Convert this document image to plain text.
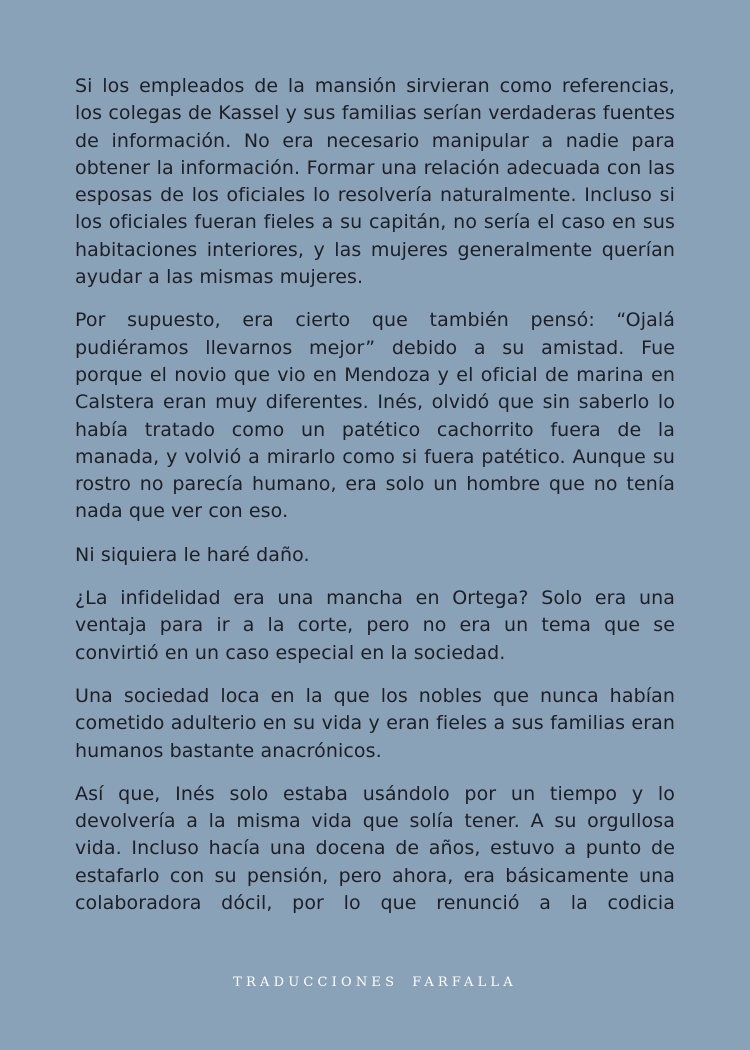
Si los empleados de la mansión sirvieran como referencias, los colegas de Kassel y sus familias serían verdaderas fuentes de información. No era necesario manipular a nadie para obtener la información. Formar una relación adecuada con las esposas de los oficiales lo resolvería naturalmente. Incluso si los oficiales fueran fieles a su capitán, no sería el caso en sus habitaciones interiores, y las mujeres generalmente querían ayudar a las mismas mujeres.

Por supuesto, era cierto que también pensó: “Ojalá pudiéramos llevarnos mejor” debido a su amistad. Fue porque el novio que vio en Mendoza y el oficial de marina en Calstera eran muy diferentes. Inés, olvidó que sin saberlo lo había tratado como un patético cachorrito fuera de la manada, y volvió a mirarlo como si fuera patético. Aunque su rostro no parecía humano, era solo un hombre que no tenía nada que ver con eso.

Ni siquiera le haré daño.

¿La infidelidad era una mancha en Ortega? Solo era una ventaja para ir a la corte, pero no era un tema que se convirtió en un caso especial en la sociedad.

Una sociedad loca en la que los nobles que nunca habían cometido adulterio en su vida y eran fieles a sus familias eran humanos bastante anacrónicos.

Así que, Inés solo estaba usándolo por un tiempo y lo devolvería a la misma vida que solía tener. A su orgullosa vida. Incluso hacía una docena de años, estuvo a punto de estafarlo con su pensión, pero ahora, era básicamente una colaboradora dócil, por lo que renunció a la codicia

TRADUCCIONES FARFALLA
